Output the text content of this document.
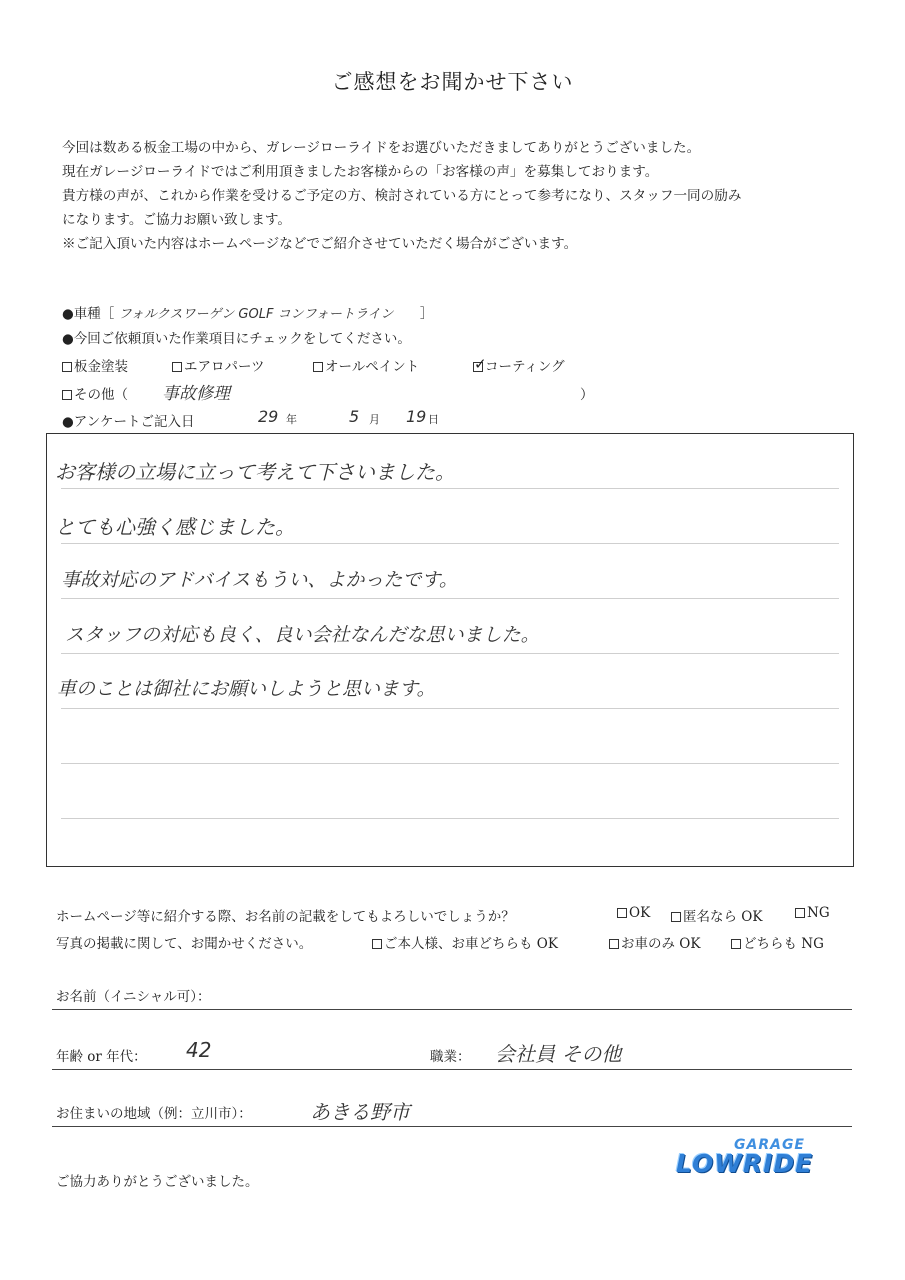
ご感想をお聞かせ下さい
今回は数ある板金工場の中から、ガレージローライドをお選びいただきましてありがとうございました。
現在ガレージローライドではご利用頂きましたお客様からの「お客様の声」を募集しております。
貴方様の声が、これから作業を受けるご予定の方、検討されている方にとって参考になり、スタッフ一同の励み
になります。ご協力お願い致します。
※ご記入頂いた内容はホームページなどでご紹介させていただく場合がございます。
●車種［ フォルクスワーゲン GOLF コンフォートライン ］
●今回ご依頼頂いた作業項目にチェックをしてください。
板金塗装	エアロパーツ	オールペイント
✓	コーティング
その他（ 事故修理	）
●アンケートご記入日	29 年	5 月 19 日
お客様の立場に立って考えて下さいました。
とても心強く感じました。
事故対応のアドバイスもうい、よかったです。
スタッフの対応も良く、良い会社なんだな思いました。
車のことは御社にお願いしようと思います。
ホームページ等に紹介する際、お名前の記載をしてもよろしいでしょうか？	OK	匿名なら OK	NG
写真の掲載に関して、お聞かせください。	ご本人様、お車どちらも OK	お車のみ OK	どちらも NG
お名前（イニシャル可）：
年齢 or 年代： 42	職業： 会社員 その他
お住まいの地域（例：立川市）：	あきる野市
ご協力ありがとうございました。
GARAGE
LOWRIDE
